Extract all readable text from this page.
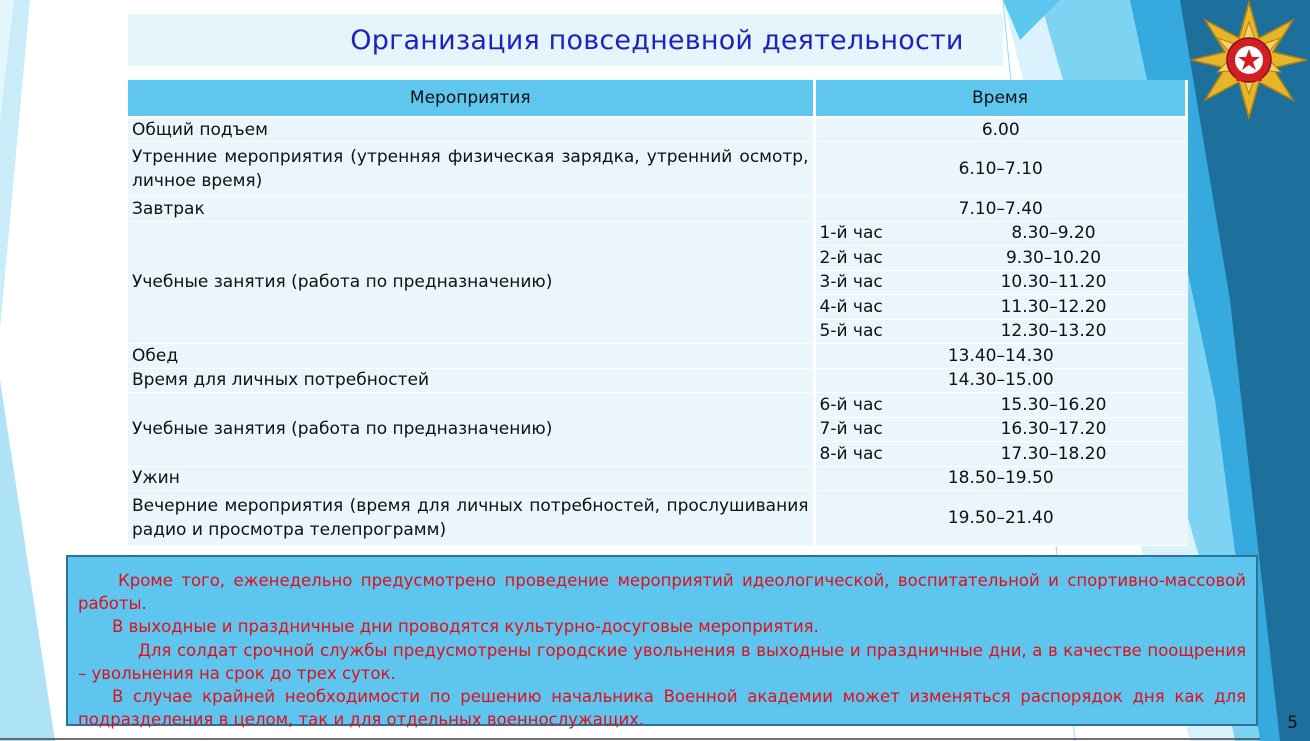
Организация повседневной деятельности
Мероприятия	Время	
Общий подъем	6.00	
Утренние мероприятия (утренняя физическая зарядка, утренний осмотр, личное время)	6.10–7.10	
Завтрак	7.10–7.40	
Учебные занятия (работа по предназначению)	1-й час	8.30–9.20
	2-й час	9.30–10.20
	3-й час	10.30–11.20
	4-й час	11.30–12.20
	5-й час	12.30–13.20
Обед	13.40–14.30	
Время для личных потребностей	14.30–15.00	
Учебные занятия (работа по предназначению)	6-й час	15.30–16.20
	7-й час	16.30–17.20
	8-й час	17.30–18.20
Ужин	18.50–19.50	
Вечерние мероприятия (время для личных потребностей, прослушивания радио и просмотра телепрограмм)	19.50–21.40	

Кроме того, еженедельно предусмотрено проведение мероприятий идеологической, воспитательной и спортивно-массовой работы.

В выходные и праздничные дни проводятся культурно-досуговые мероприятия.

Для солдат срочной службы предусмотрены городские увольнения в выходные и праздничные дни, а в качестве поощрения – увольнения на срок до трех суток.

В случае крайней необходимости по решению начальника Военной академии может изменяться распорядок дня как для подразделения в целом, так и для отдельных военнослужащих.	5
